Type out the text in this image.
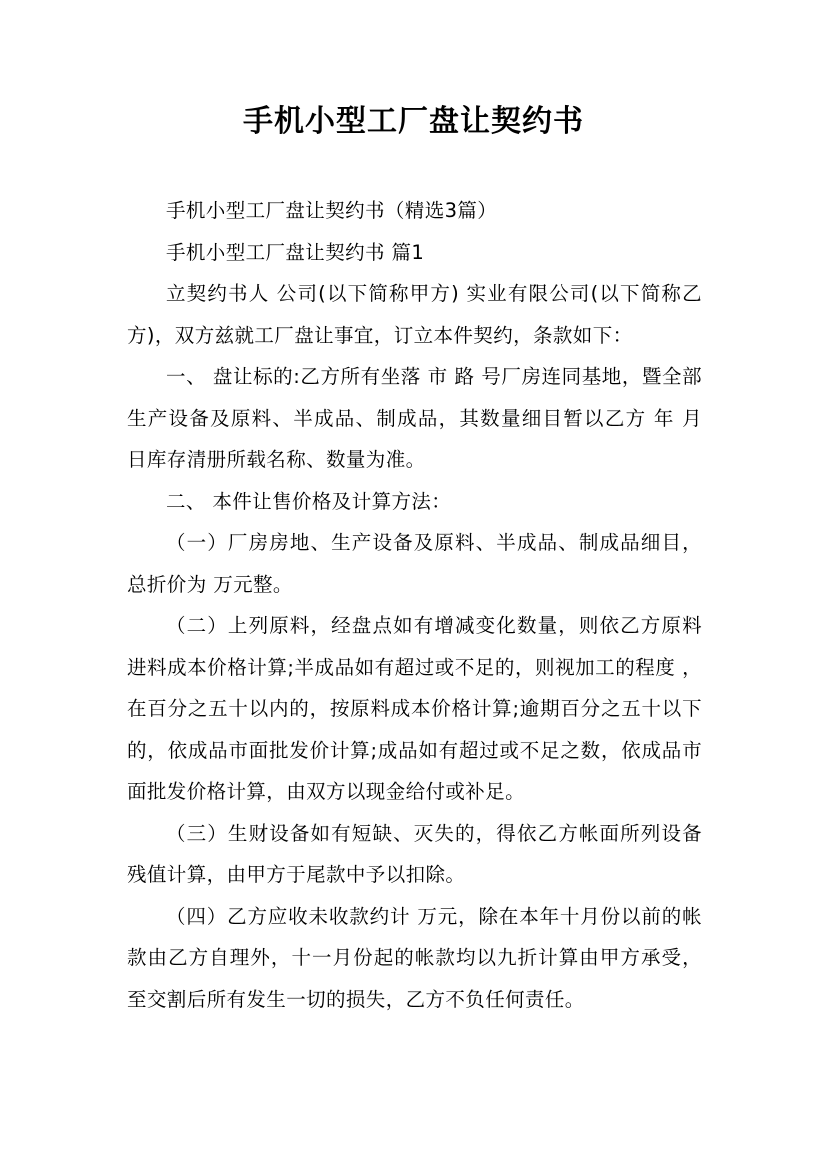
手机小型工厂盘让契约书

手机小型工厂盘让契约书（精选3篇）

手机小型工厂盘让契约书 篇1

立契约书人 公司(以下简称甲方) 实业有限公司(以下简称乙方)，双方兹就工厂盘让事宜，订立本件契约，条款如下：

一、 盘让标的:乙方所有坐落 市 路 号厂房连同基地，暨全部生产设备及原料、半成品、制成品，其数量细目暂以乙方 年 月 日库存清册所载名称、数量为准。

二、 本件让售价格及计算方法：

（一）厂房房地、生产设备及原料、半成品、制成品细目，总折价为 万元整。

（二）上列原料，经盘点如有增减变化数量，则依乙方原料进料成本价格计算;半成品如有超过或不足的，则视加工的程度 ，在百分之五十以内的，按原料成本价格计算;逾期百分之五十以下的，依成品市面批发价计算;成品如有超过或不足之数，依成品市面批发价格计算，由双方以现金给付或补足。

（三）生财设备如有短缺、灭失的，得依乙方帐面所列设备残值计算，由甲方于尾款中予以扣除。

（四）乙方应收未收款约计 万元，除在本年十月份以前的帐款由乙方自理外，十一月份起的帐款均以九折计算由甲方承受，至交割后所有发生一切的损失，乙方不负任何责任。
